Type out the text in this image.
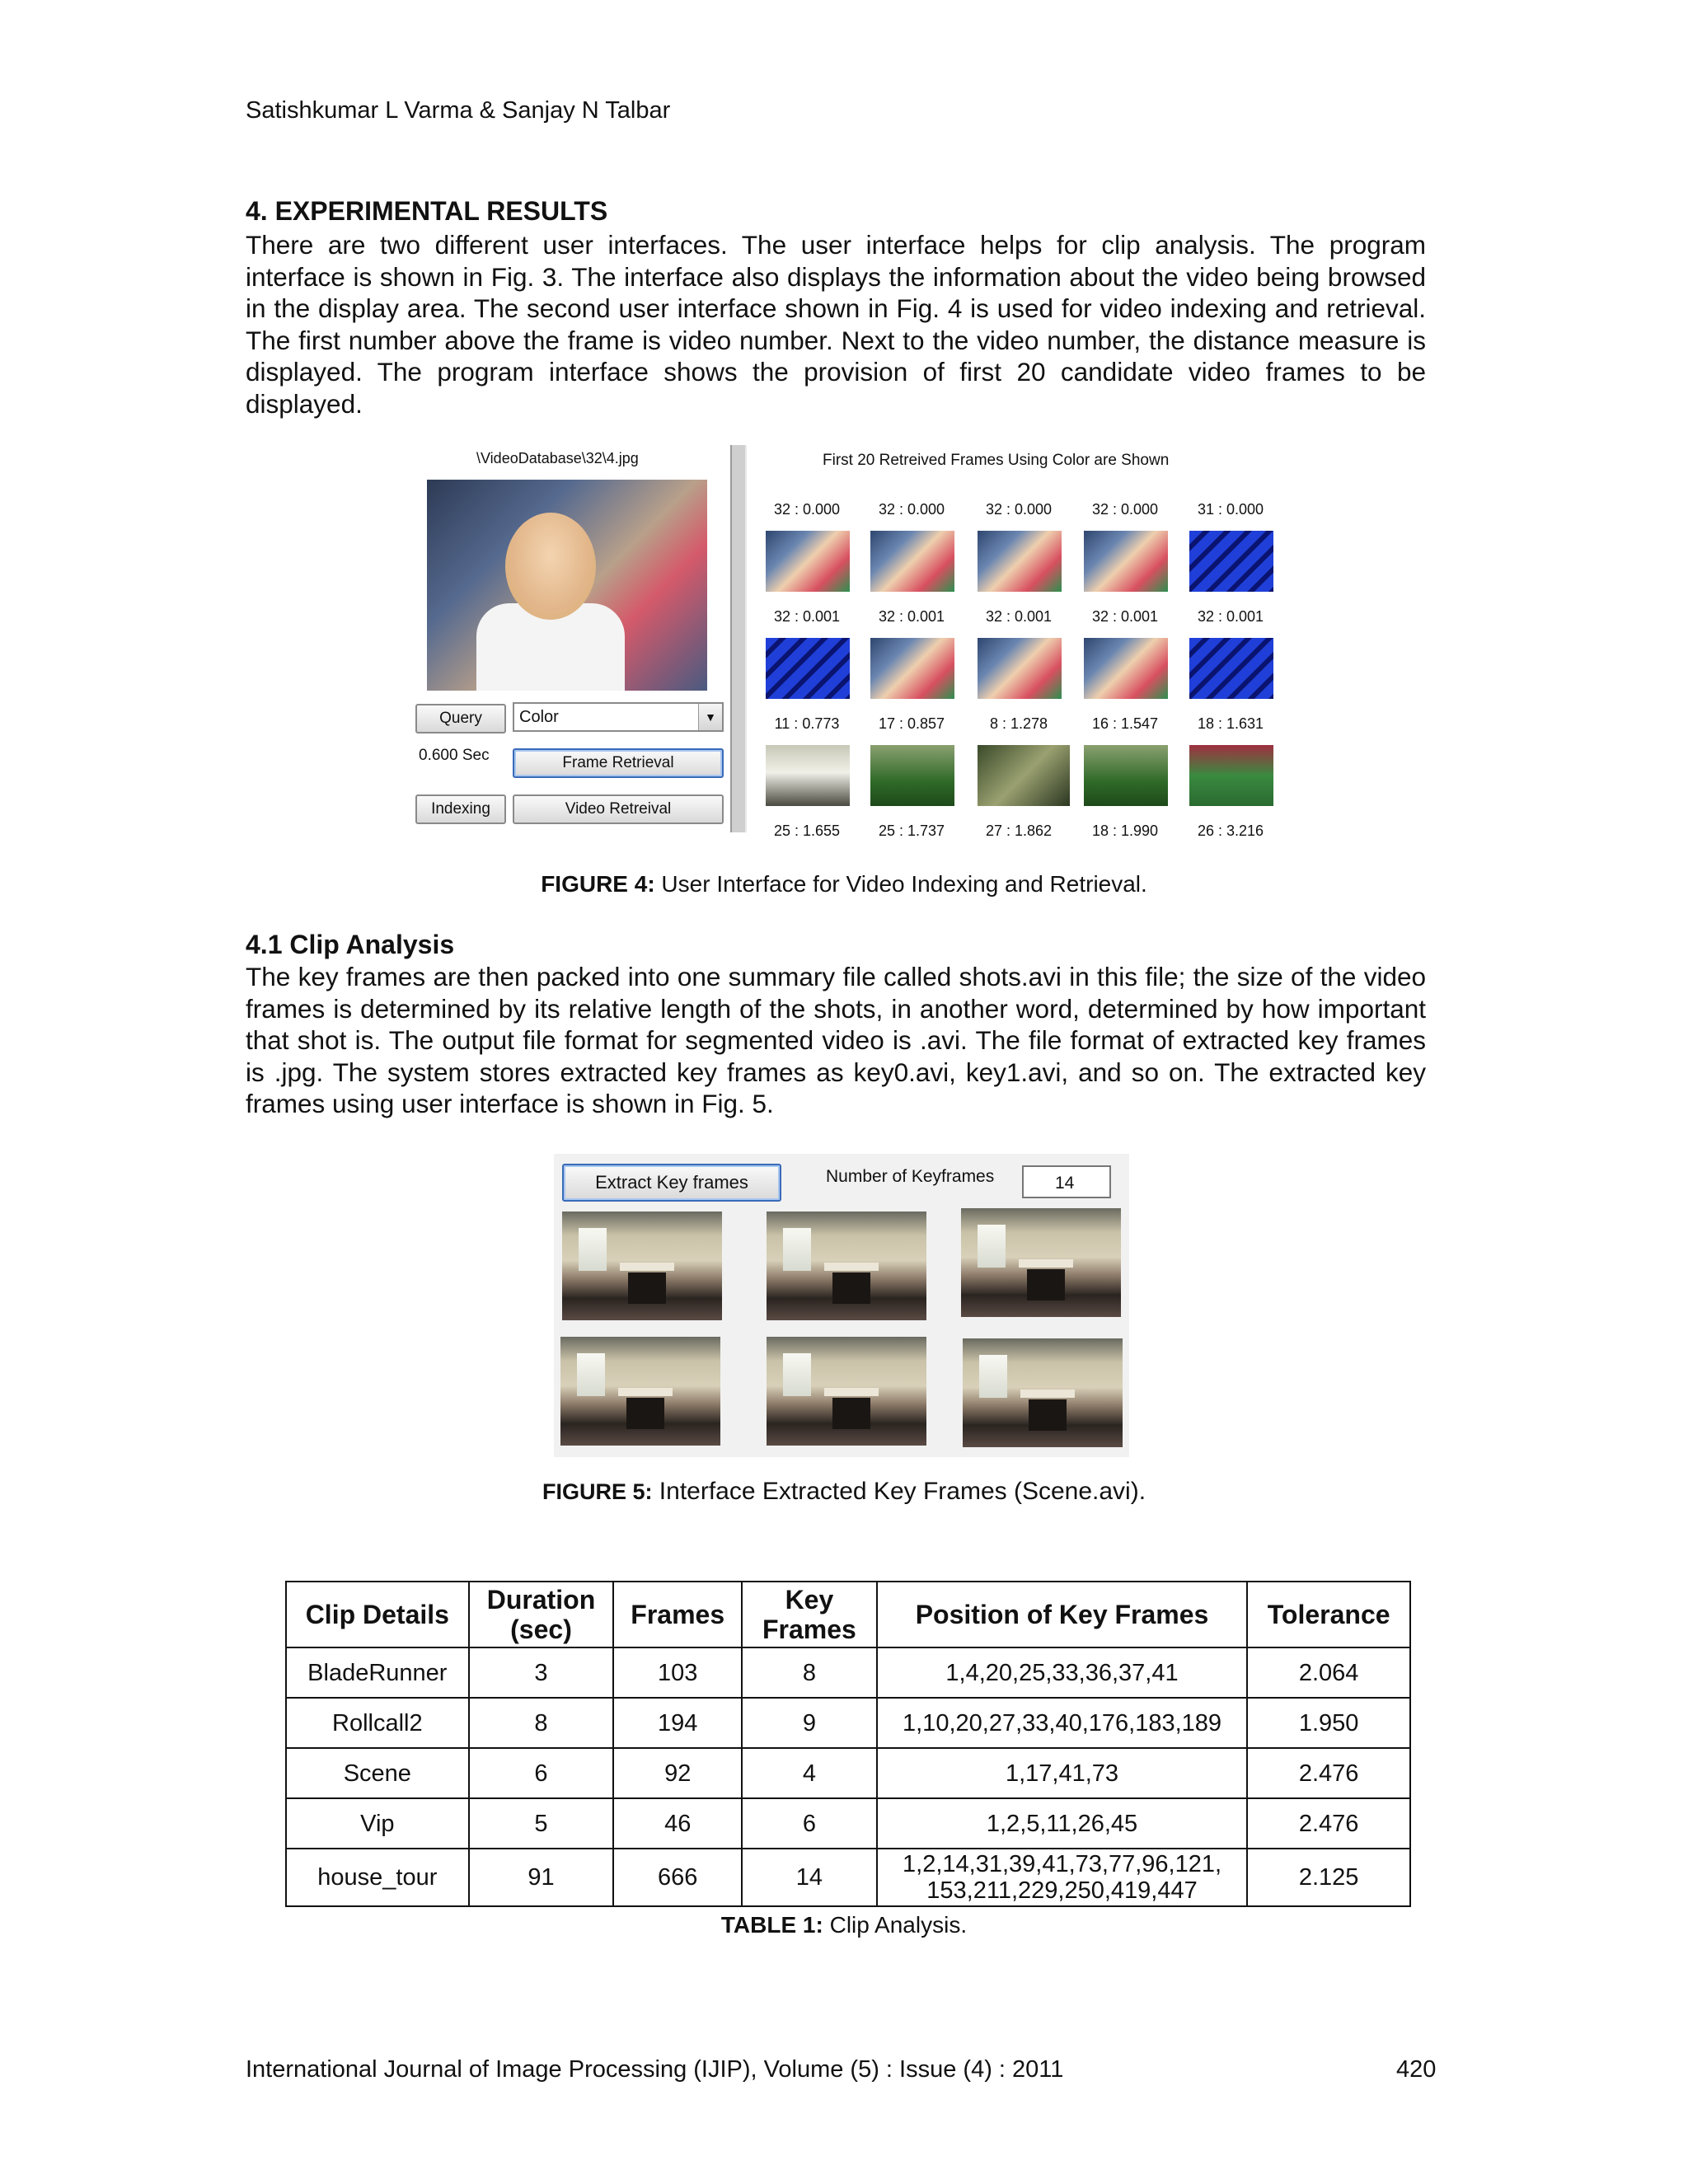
Satishkumar L Varma & Sanjay N Talbar
4. EXPERIMENTAL RESULTS
There are two different user interfaces. The user interface helps for clip analysis. The program interface is shown in Fig. 3. The interface also displays the information about the video being browsed in the display area. The second user interface shown in Fig. 4 is used for video indexing and retrieval. The first number above the frame is video number. Next to the video number, the distance measure is displayed. The program interface shows the provision of first 20 candidate video frames to be displayed.
\VideoDatabase\32\4.jpg	First 20 Retreived Frames Using Color are Shown
Query	Color	▼
0.600 Sec	Frame Retrieval
Indexing	Video Retreival
32 : 0.000	32 : 0.000	32 : 0.000	32 : 0.000	31 : 0.000
32 : 0.001	32 : 0.001	32 : 0.001	32 : 0.001	32 : 0.001
11 : 0.773	17 : 0.857	8 : 1.278	16 : 1.547	18 : 1.631
25 : 1.655	25 : 1.737	27 : 1.862	18 : 1.990	26 : 3.216
FIGURE 4: User Interface for Video Indexing and Retrieval.
4.1 Clip Analysis
The key frames are then packed into one summary file called shots.avi in this file; the size of the video frames is determined by its relative length of the shots, in another word, determined by how important that shot is. The output file format for segmented video is .avi. The file format of extracted key frames is .jpg. The system stores extracted key frames as key0.avi, key1.avi, and so on. The extracted key frames using user interface is shown in Fig. 5.
Extract Key frames	Number of Keyframes	14
FIGURE 5: Interface Extracted Key Frames (Scene.avi).
Clip Details	Duration (sec)	Frames	Key Frames	Position of Key Frames	Tolerance
BladeRunner	3	103	8	1,4,20,25,33,36,37,41	2.064
Rollcall2	8	194	9	1,10,20,27,33,40,176,183,189	1.950
Scene	6	92	4	1,17,41,73	2.476
Vip	5	46	6	1,2,5,11,26,45	2.476
house_tour	91	666	14	1,2,14,31,39,41,73,77,96,121, 153,211,229,250,419,447	2.125
TABLE 1: Clip Analysis.
International Journal of Image Processing (IJIP), Volume (5) : Issue (4) : 2011	420
